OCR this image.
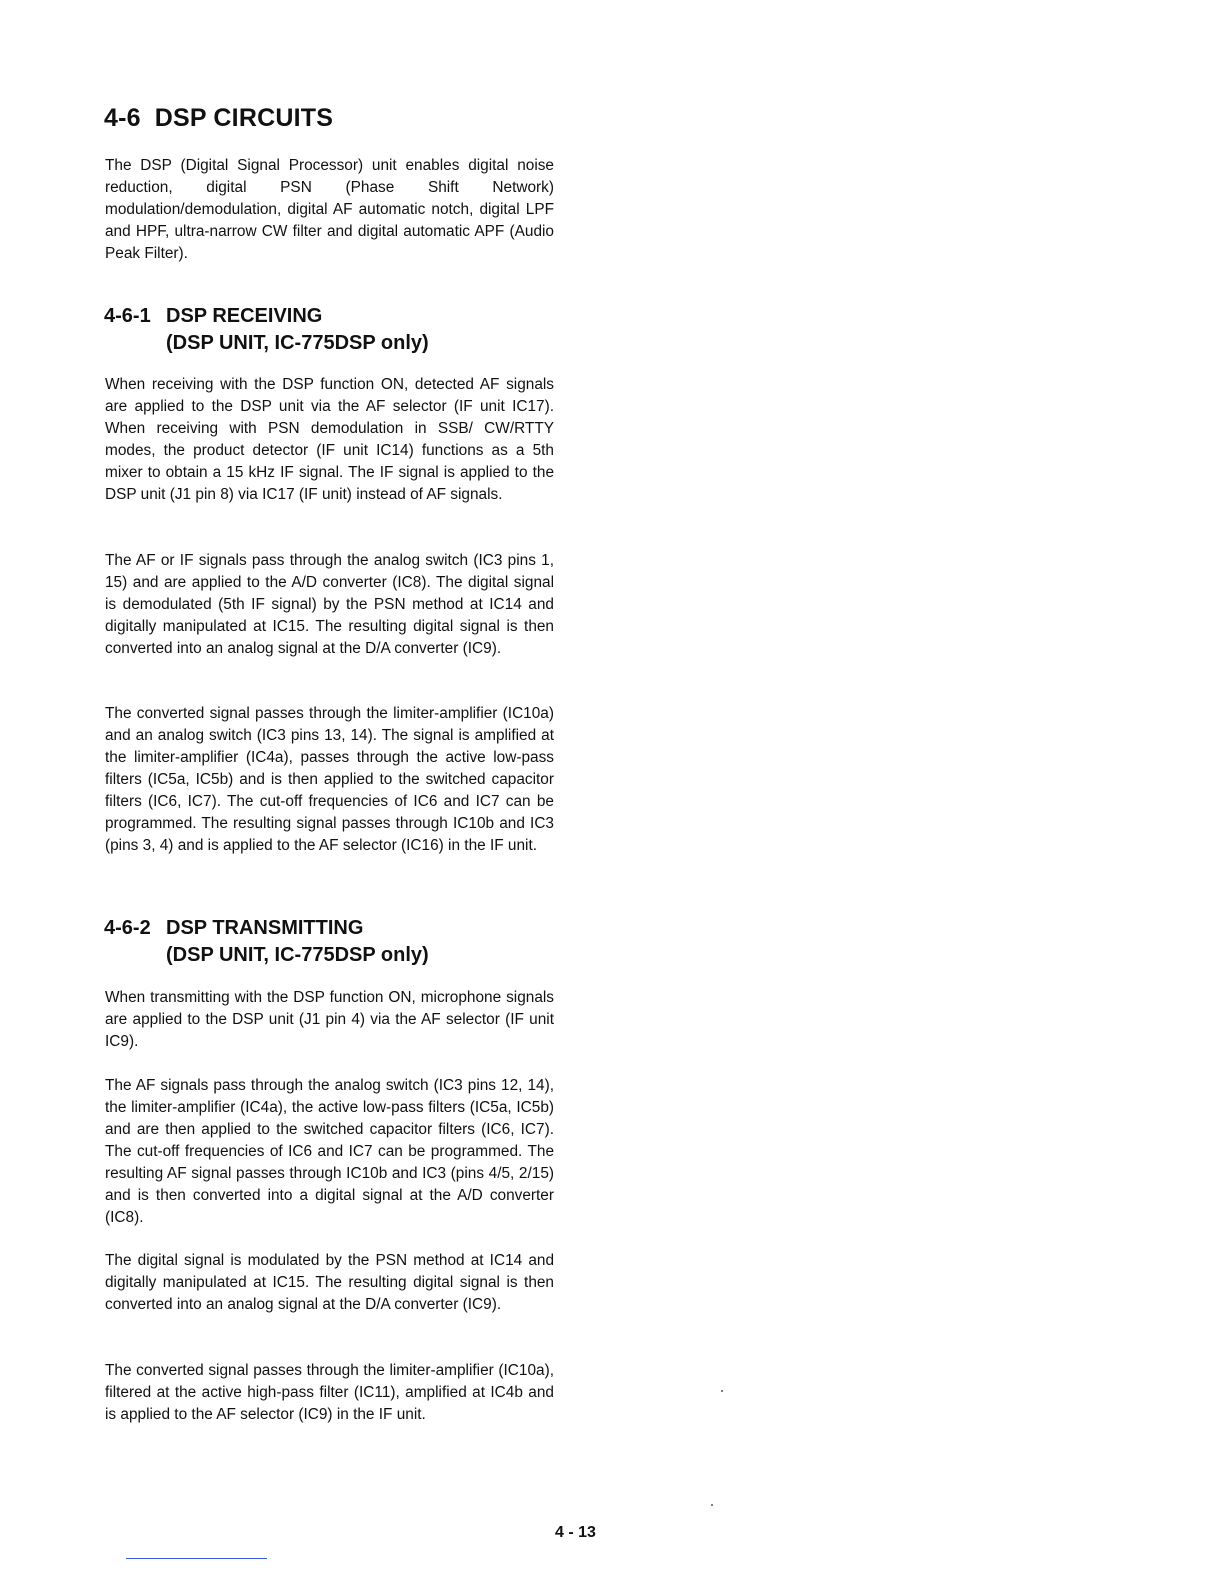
4-6 DSP CIRCUITS

The DSP (Digital Signal Processor) unit enables digital noise reduction, digital PSN (Phase Shift Network) modulation/demodulation, digital AF automatic notch, digital LPF and HPF, ultra-narrow CW filter and digital automatic APF (Audio Peak Filter).

4-6-1 DSP RECEIVING
(DSP UNIT, IC-775DSP only)

When receiving with the DSP function ON, detected AF signals are applied to the DSP unit via the AF selector (IF unit IC17). When receiving with PSN demodulation in SSB/ CW/RTTY modes, the product detector (IF unit IC14) functions as a 5th mixer to obtain a 15 kHz IF signal. The IF signal is applied to the DSP unit (J1 pin 8) via IC17 (IF unit) instead of AF signals.

The AF or IF signals pass through the analog switch (IC3 pins 1, 15) and are applied to the A/D converter (IC8). The digital signal is demodulated (5th IF signal) by the PSN method at IC14 and digitally manipulated at IC15. The resulting digital signal is then converted into an analog signal at the D/A converter (IC9).

The converted signal passes through the limiter-amplifier (IC10a) and an analog switch (IC3 pins 13, 14). The signal is amplified at the limiter-amplifier (IC4a), passes through the active low-pass filters (IC5a, IC5b) and is then applied to the switched capacitor filters (IC6, IC7). The cut-off frequencies of IC6 and IC7 can be programmed. The resulting signal passes through IC10b and IC3 (pins 3, 4) and is applied to the AF selector (IC16) in the IF unit.

4-6-2 DSP TRANSMITTING
(DSP UNIT, IC-775DSP only)

When transmitting with the DSP function ON, microphone signals are applied to the DSP unit (J1 pin 4) via the AF selector (IF unit IC9).

The AF signals pass through the analog switch (IC3 pins 12, 14), the limiter-amplifier (IC4a), the active low-pass filters (IC5a, IC5b) and are then applied to the switched capacitor filters (IC6, IC7). The cut-off frequencies of IC6 and IC7 can be programmed. The resulting AF signal passes through IC10b and IC3 (pins 4/5, 2/15) and is then converted into a digital signal at the A/D converter (IC8).

The digital signal is modulated by the PSN method at IC14 and digitally manipulated at IC15. The resulting digital signal is then converted into an analog signal at the D/A converter (IC9).

The converted signal passes through the limiter-amplifier (IC10a), filtered at the active high-pass filter (IC11), amplified at IC4b and is applied to the AF selector (IC9) in the IF unit.

4 - 13
